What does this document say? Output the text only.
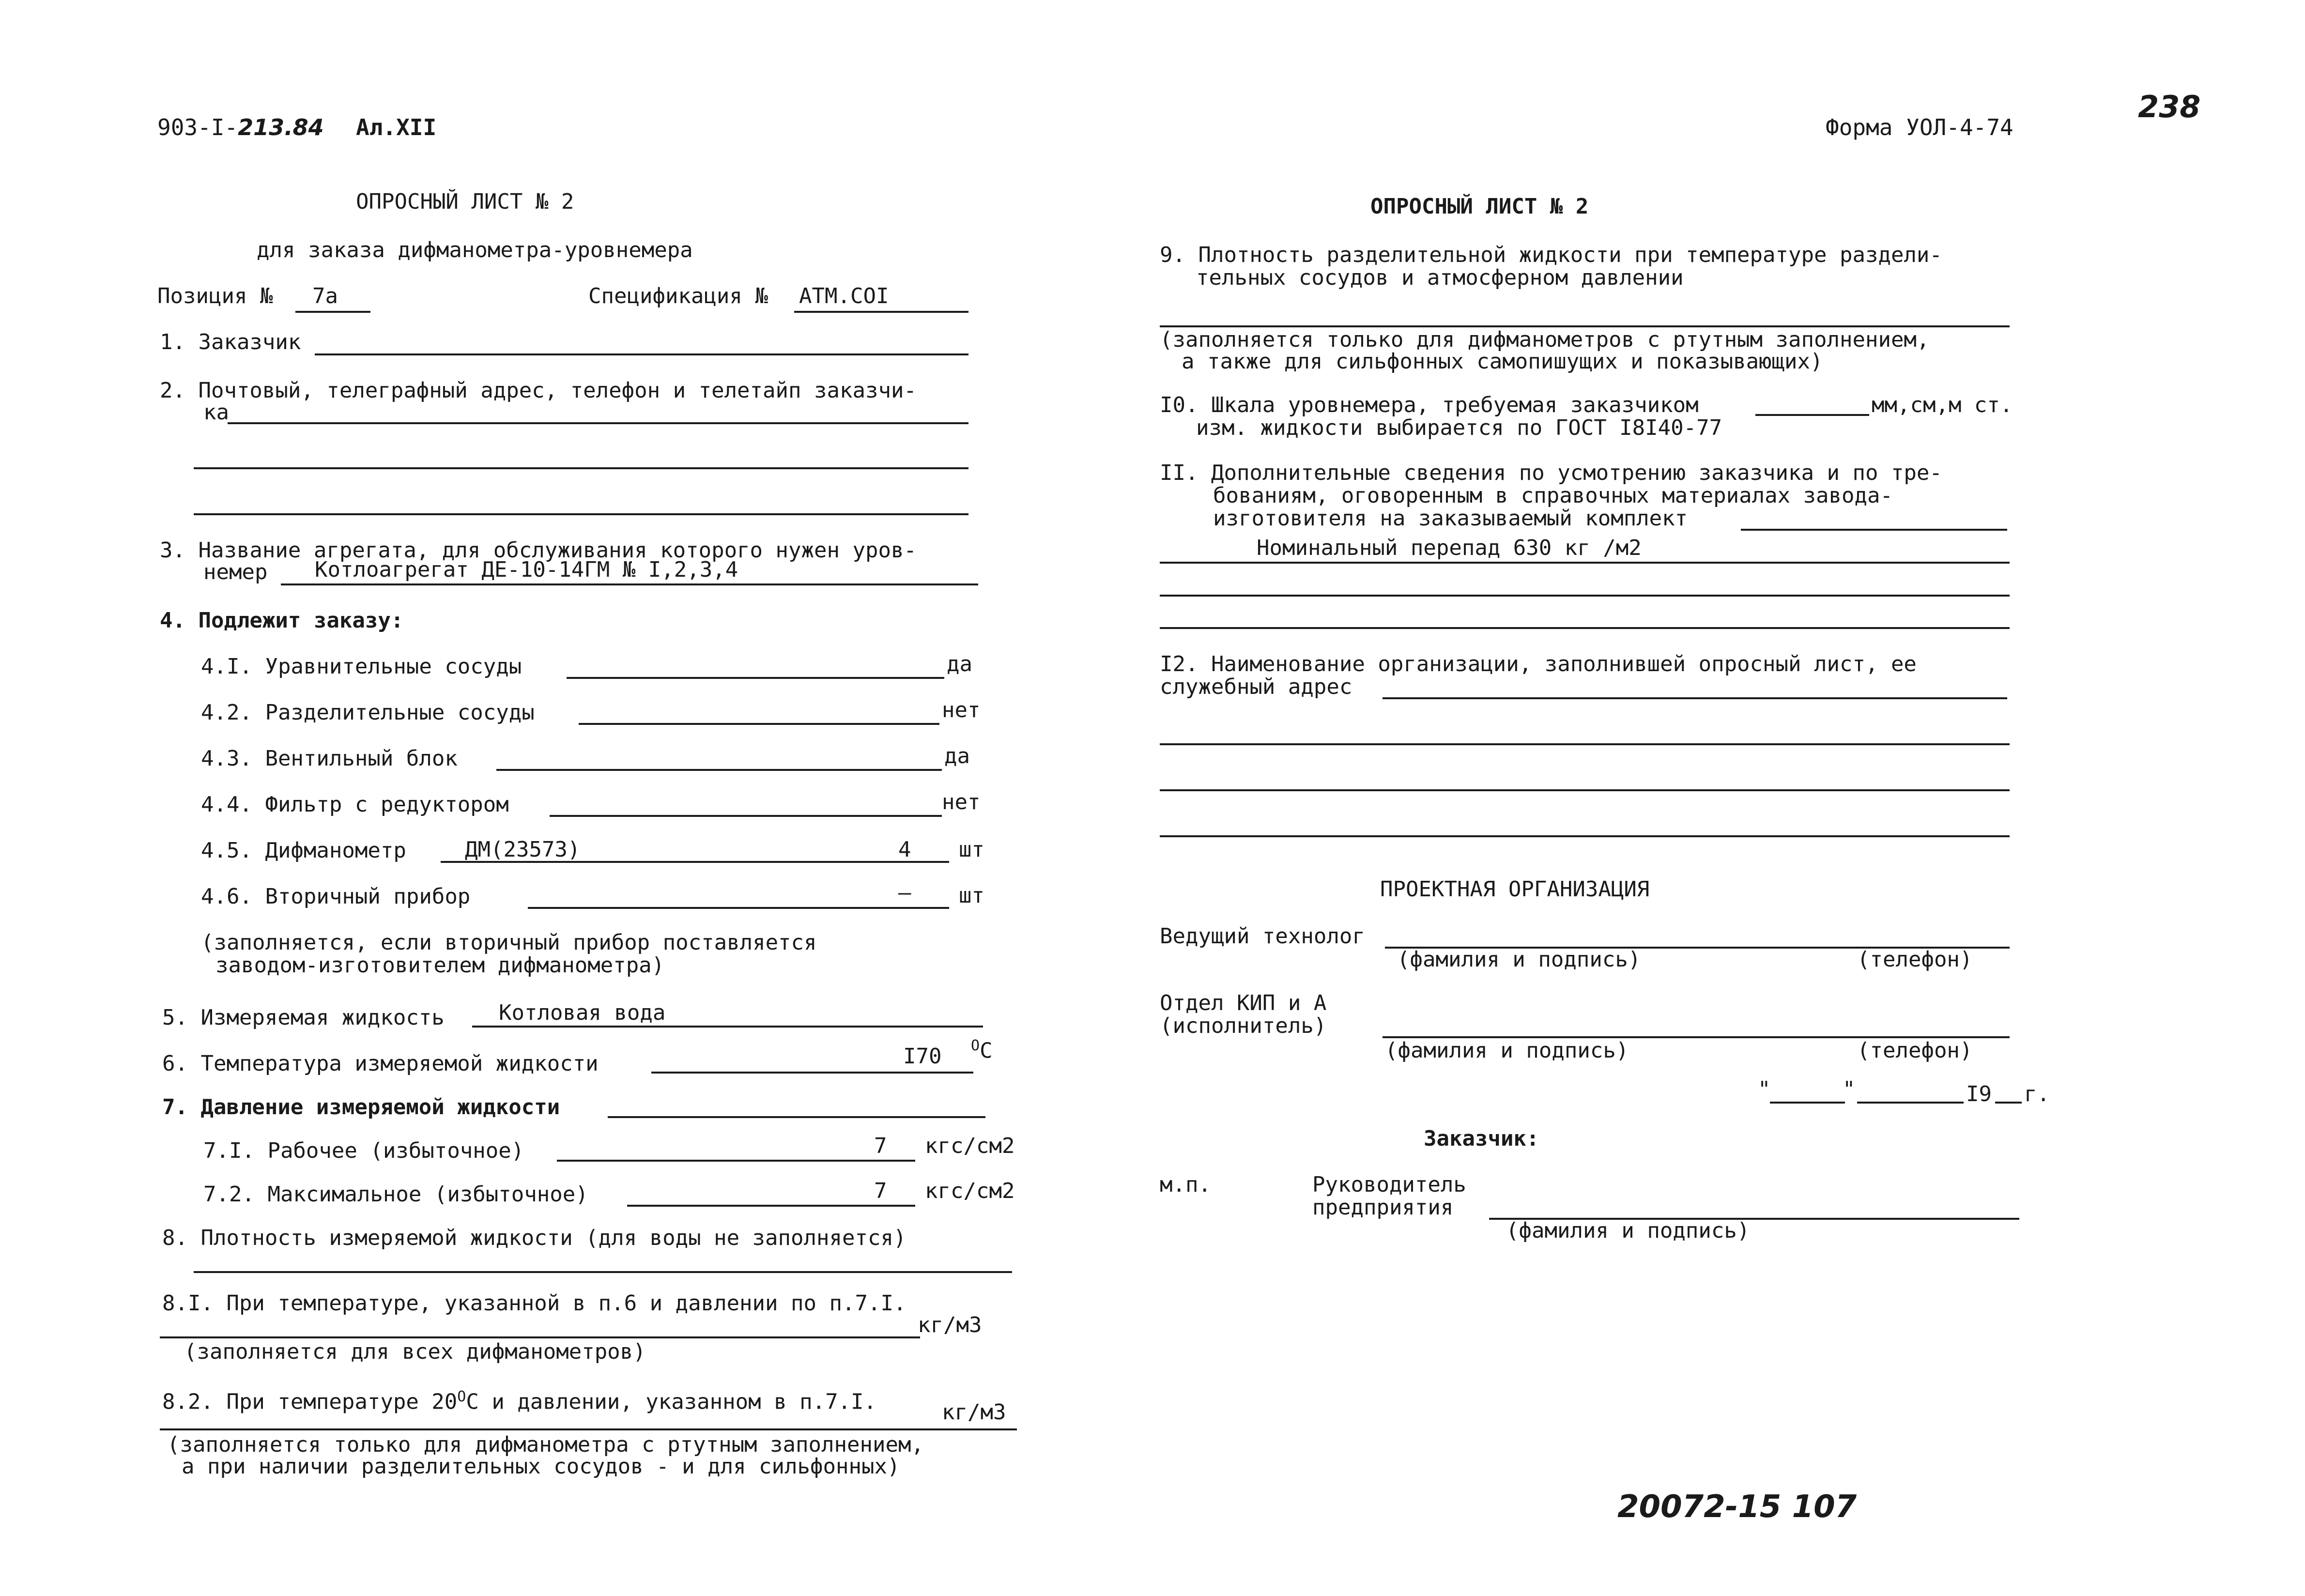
903-I-213.84 Ал.XII	Форма УОЛ-4-74
238
ОПРОСНЫЙ ЛИСТ № 2
для заказа дифманометра-уровнемера
Позиция № 7а	Спецификация № АТМ.СОI
1. Заказчик
2. Почтовый, телеграфный адрес, телефон и телетайп заказчи-
ка
3. Название агрегата, для обслуживания которого нужен уров-
немер Котлоагрегат ДЕ-10-14ГМ № I,2,3,4
4. Подлежит заказу:
4.I. Уравнительные сосуды	да
4.2. Разделительные сосуды	нет
4.3. Вентильный блок	да
4.4. Фильтр с редуктором	нет
4.5. Дифманометр	ДМ(23573)	4 шт
4.6. Вторичный прибор	– шт
(заполняется, если вторичный прибор поставляется
заводом-изготовителем дифманометра)
5. Измеряемая жидкость	Котловая вода
6. Температура измеряемой жидкости	I70 $^О$С
7. Давление измеряемой жидкости
7.I. Рабочее (избыточное)	7 кгс/см2
7.2. Максимальное (избыточное)	7 кгс/см2
8. Плотность измеряемой жидкости (для воды не заполняется)
8.I. При температуре, указанной в п.6 и давлении по п.7.I.
кг/м3
(заполняется для всех дифманометров)
8.2. При температуре $20^ОС$ и давлении, указанном в п.7.I.	кг/м3
(заполняется только для дифманометра с ртутным заполнением,
а при наличии разделительных сосудов - и для сильфонных)
ОПРОСНЫЙ ЛИСТ № 2
9. Плотность разделительной жидкости при температуре раздели-
тельных сосудов и атмосферном давлении
(заполняется только для дифманометров с ртутным заполнением,
а также для сильфонных самопишущих и показывающих)
I0. Шкала уровнемера, требуемая заказчиком	мм,см,м ст.
изм. жидкости выбирается по ГОСТ I8I40-77
II. Дополнительные сведения по усмотрению заказчика и по тре-
бованиям, оговоренным в справочных материалах завода-
изготовителя на заказываемый комплект
Номинальный перепад 630 кг /м2
I2. Наименование организации, заполнившей опросный лист, ее
служебный адрес
ПРОЕКТНАЯ ОРГАНИЗАЦИЯ
Ведущий технолог
(фамилия и подпись)	(телефон)
Отдел КИП и А
(исполнитель)
(фамилия и подпись)	(телефон)
"	"	I9 г.
Заказчик:
м.п.	Руководитель
предприятия
(фамилия и подпись)
20072-15 107
